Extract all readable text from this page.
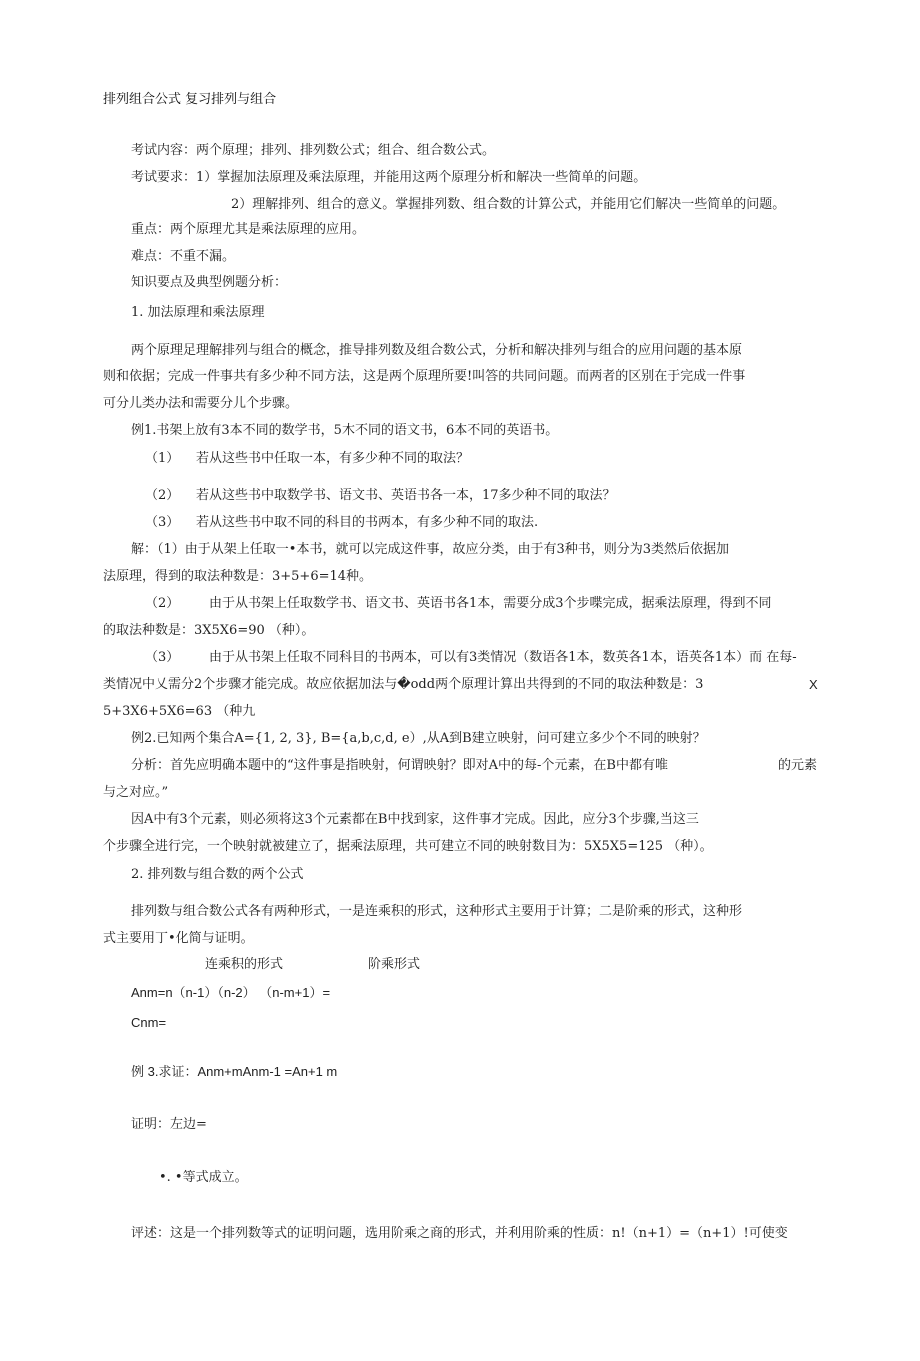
排列组合公式 复习排列与组合
考试内容：两个原理；排列、排列数公式；组合、组合数公式。
考试要求：1）掌握加法原理及乘法原理，并能用这两个原理分析和解决一些简单的问题。
2）理解排列、组合的意义。掌握排列数、组合数的计算公式，并能用它们解决一些简单的问题。
重点：两个原理尤其是乘法原理的应用。
难点：不重不漏。
知识要点及典型例题分析：
1. 加法原理和乘法原理
两个原理足理解排列与组合的概念，推导排列数及组合数公式，分析和解决排列与组合的应用问题的基本原
则和依据；完成一件事共有多少种不同方法，这是两个原理所要!叫答的共同问题。而两者的区别在于完成一件事
可分儿类办法和需要分儿个步骤。
例1.书架上放有3本不同的数学书，5木不同的语文书，6本不同的英语书。
（1） 若从这些书中任取一本，有多少种不同的取法？
（2） 若从这些书中取数学书、语文书、英语书各一本，17多少种不同的取法？
（3） 若从这些书中取不同的科目的书两本，有多少种不同的取法.
解：（1）由于从架上任取一•本书，就可以完成这件事，故应分类，由于有3种书，则分为3类然后依据加
法原理，得到的取法种数是：3+5+6=14种。
（2） 由于从书架上任取数学书、语文书、英语书各1本，需要分成3个步喋完成，据乘法原理，得到不同
的取法种数是：3X5X6=90 （种）。
（3） 由于从书架上任取不同科目的书两本，可以有3类情况（数语各1本，数英各1本，语英各1本）而 在每-
类情况中乂需分2个步骤才能完成。故应依据加法与�odd两个原理计算出共得到的不同的取法种数是：3	X
5+3X6+5X6=63 （种九
例2.已知两个集合A={1, 2, 3}, B={a,b,c,d, e）,从A到B建立映射，问可建立多少个不同的映射？
分析：首先应明确本题中的“这件事是指映射，何谓映射？即对A中的每-个元素，在B中都有唯	的元素
与之对应。”
因A中有3个元素，则必须将这3个元素都在B中找到家，这件事才完成。因此，应分3个步骤,当这三
个步骤全进行完，一个映射就被建立了，据乘法原理，共可建立不同的映射数目为：5X5X5=125 （种）。
2. 排列数与组合数的两个公式
排列数与组合数公式各有两种形式，一是连乘积的形式，这种形式主要用于计算；二是阶乘的形式，这种形
式主要用丁•化简与证明。
连乘积的形式	阶乘形式
Anm=n（n-1）（n-2） （n-m+1）=
Cnm=
例 3.求证：Anm+mAnm-1 =An+1 m
证明：左边=
•. •等式成立。
评述：这是一个排列数等式的证明问题，选用阶乘之商的形式，并利用阶乘的性质：n!（n+1）=（n+1）!可使变
